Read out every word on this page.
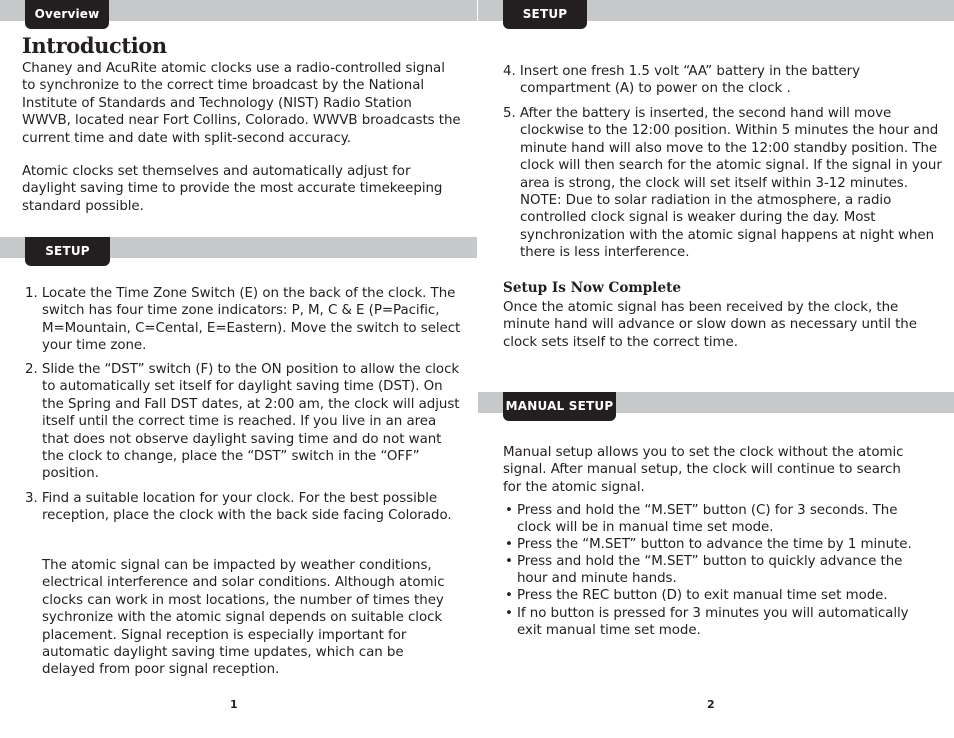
Overview
Introduction

Chaney and AcuRite atomic clocks use a radio-controlled signal to synchronize to the correct time broadcast by the National Institute of Standards and Technology (NIST) Radio Station WWVB, located near Fort Collins, Colorado. WWVB broadcasts the current time and date with split-second accuracy.

Atomic clocks set themselves and automatically adjust for daylight saving time to provide the most accurate timekeeping standard possible.

SETUP

1. Locate the Time Zone Switch (E) on the back of the clock. The switch has four time zone indicators: P, M, C & E (P=Pacific, M=Mountain, C=Cental, E=Eastern). Move the switch to select your time zone.

2. Slide the “DST” switch (F) to the ON position to allow the clock to automatically set itself for daylight saving time (DST). On the Spring and Fall DST dates, at 2:00 am, the clock will adjust itself until the correct time is reached. If you live in an area that does not observe daylight saving time and do not want the clock to change, place the “DST” switch in the “OFF” position.

3. Find a suitable location for your clock. For the best possible reception, place the clock with the back side facing Colorado.

The atomic signal can be impacted by weather conditions, electrical interference and solar conditions. Although atomic clocks can work in most locations, the number of times they sychronize with the atomic signal depends on suitable clock placement. Signal reception is especially important for automatic daylight saving time updates, which can be delayed from poor signal reception.

1
SETUP

4. Insert one fresh 1.5 volt “AA” battery in the battery compartment (A) to power on the clock .

5. After the battery is inserted, the second hand will move clockwise to the 12:00 position. Within 5 minutes the hour and minute hand will also move to the 12:00 standby position. The clock will then search for the atomic signal. If the signal in your area is strong, the clock will set itself within 3-12 minutes. NOTE: Due to solar radiation in the atmosphere, a radio controlled clock signal is weaker during the day. Most synchronization with the atomic signal happens at night when there is less interference.

Setup Is Now Complete

Once the atomic signal has been received by the clock, the minute hand will advance or slow down as necessary until the clock sets itself to the correct time.

MANUAL SETUP

Manual setup allows you to set the clock without the atomic signal. After manual setup, the clock will continue to search for the atomic signal.

• Press and hold the “M.SET” button (C) for 3 seconds. The clock will be in manual time set mode.
• Press the “M.SET” button to advance the time by 1 minute.
• Press and hold the “M.SET” button to quickly advance the hour and minute hands.
• Press the REC button (D) to exit manual time set mode.
• If no button is pressed for 3 minutes you will automatically exit manual time set mode.
2
